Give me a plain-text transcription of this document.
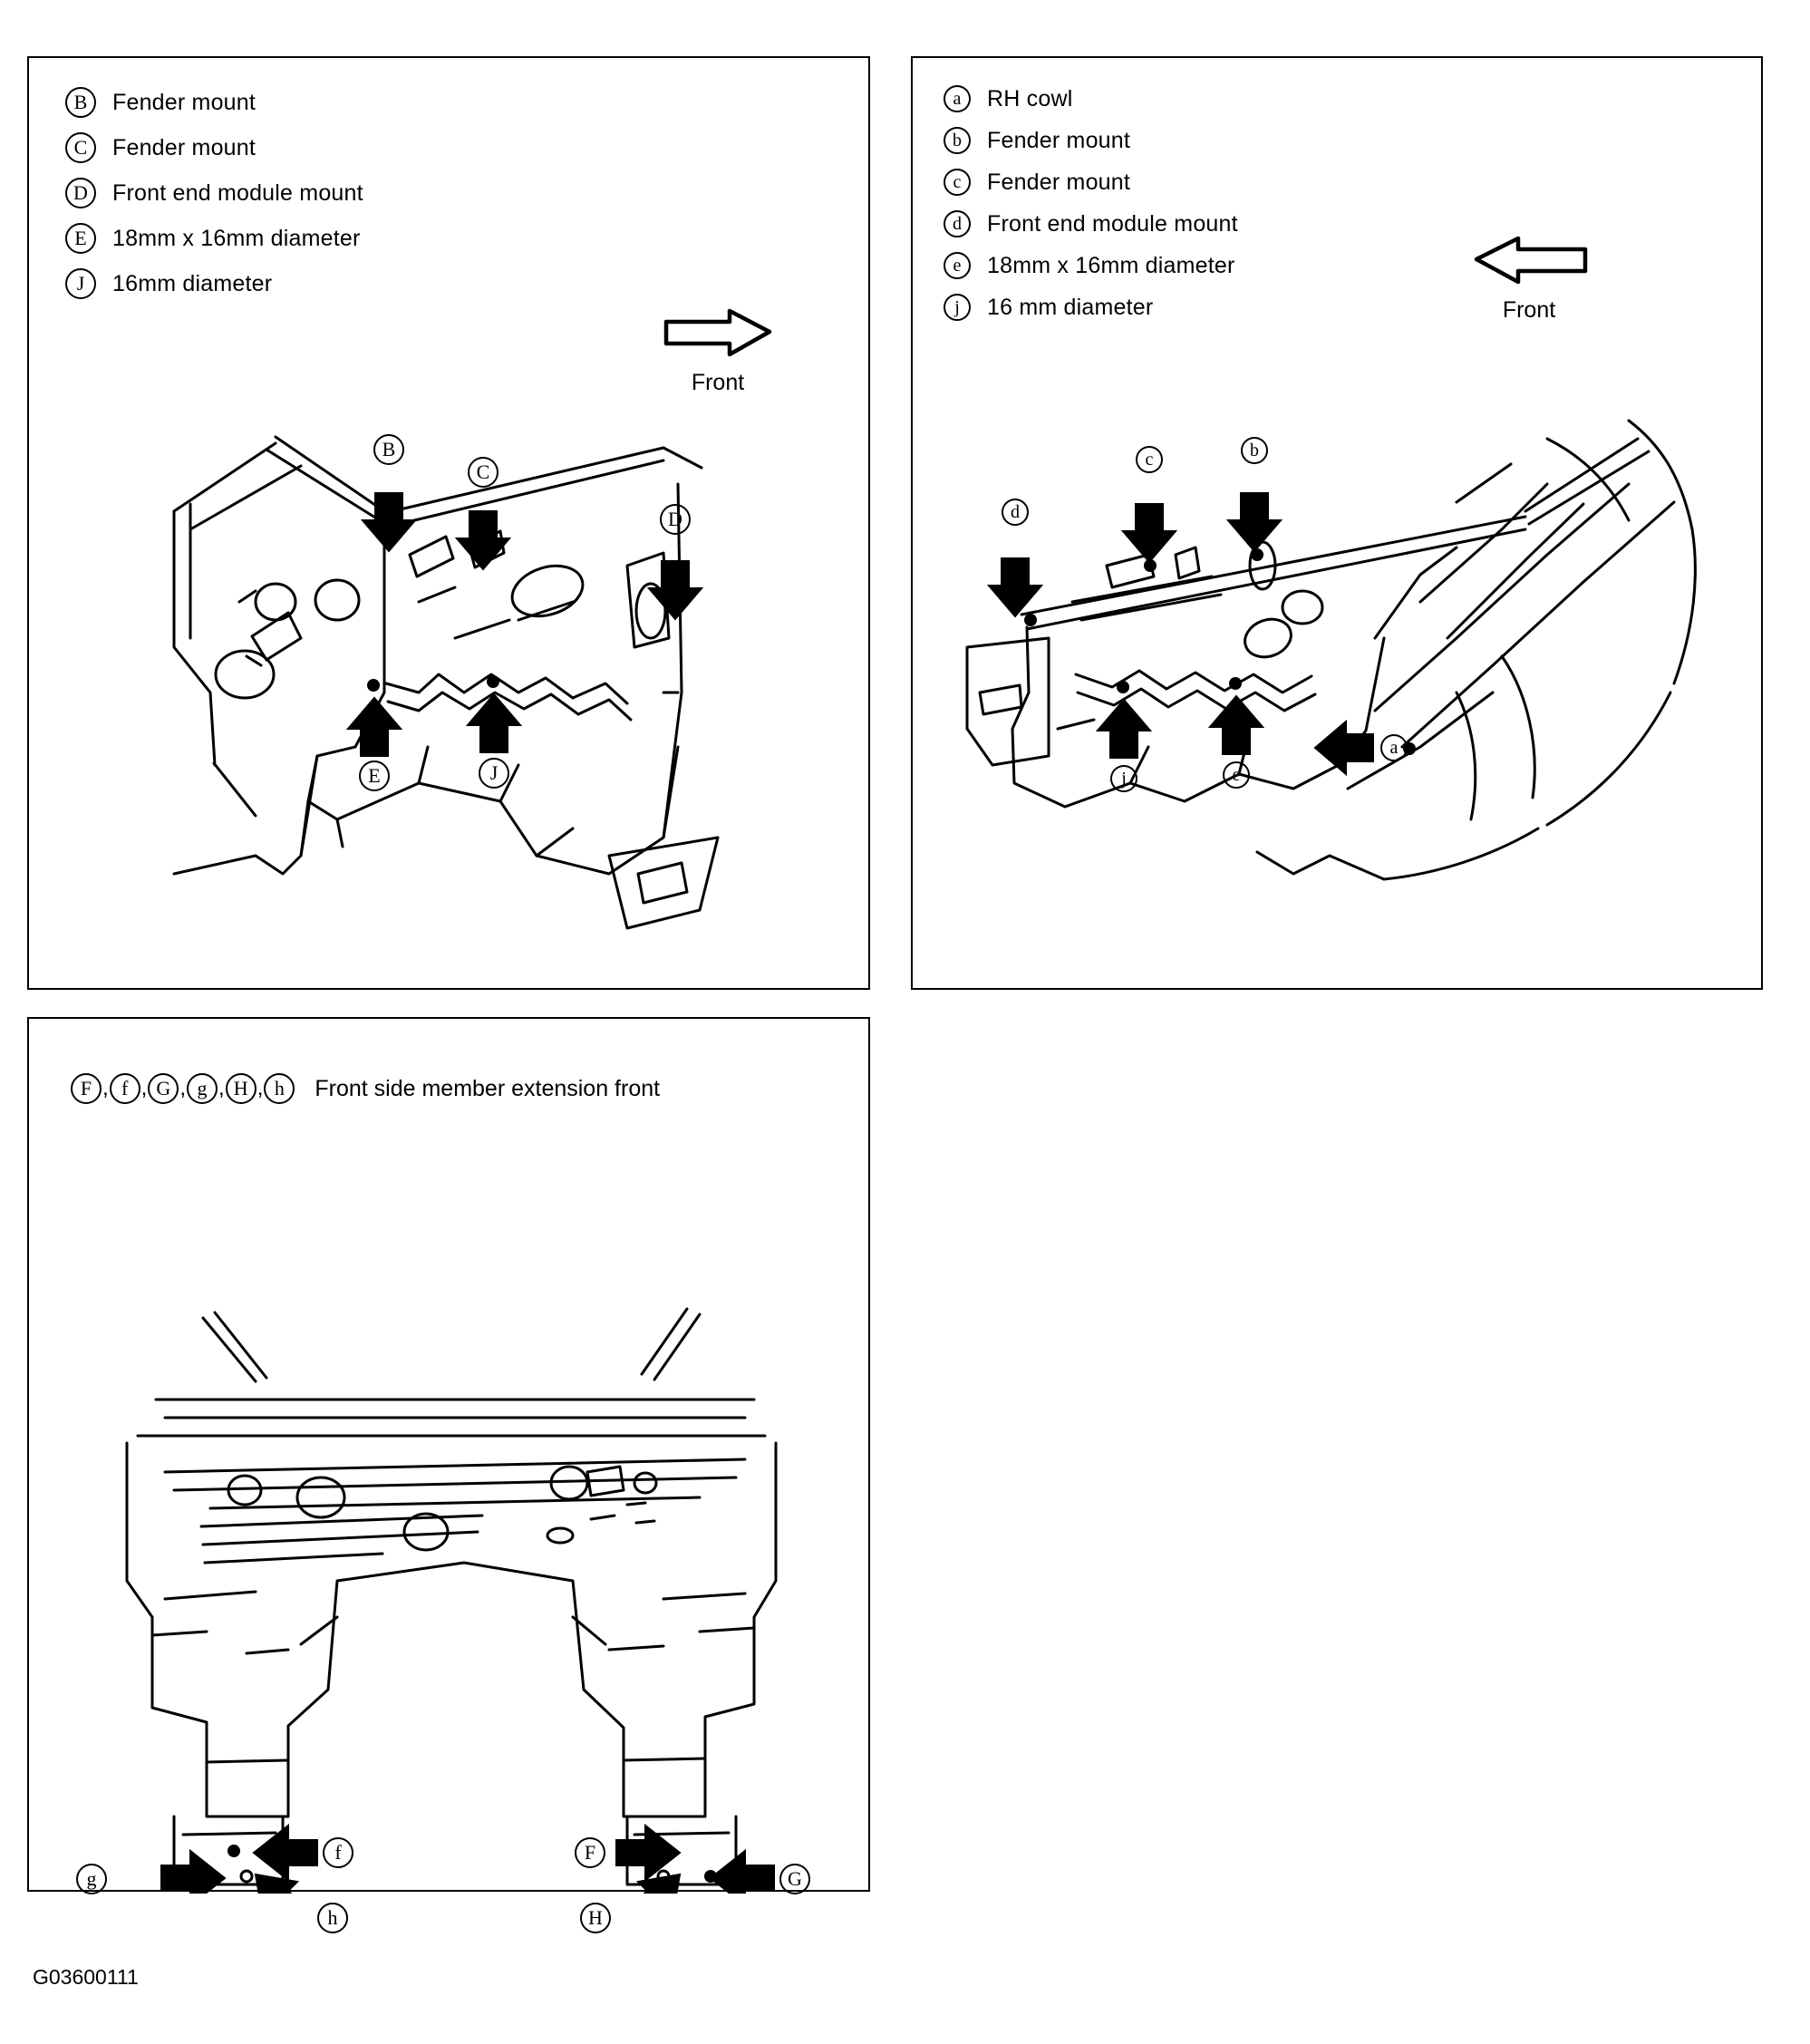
B	Fender mount
C	Fender mount
D	Front end module mount
E	18mm x 16mm diameter
J	16mm diameter
Front
B
C
D
E	J
a	RH cowl
b	Fender mount
c	Fender mount
d	Front end module mount
e	18mm x 16mm diameter
j	16 mm diameter	Front
d
c	b
j	e
a
F , f , G , g , H , h	Front side member extension front
f
g
h
F
G
H
G03600111
